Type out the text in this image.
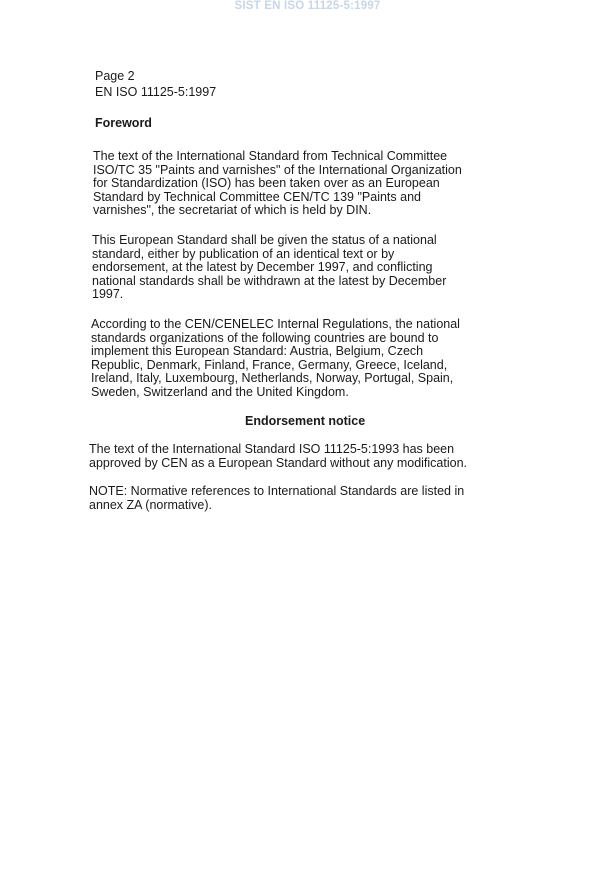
SIST EN ISO 11125-5:1997
Page 2
EN ISO 11125-5:1997
Foreword

The text of the International Standard from Technical Committee
ISO/TC 35 "Paints and varnishes" of the International Organization
for Standardization (ISO) has been taken over as an European
Standard by Technical Committee CEN/TC 139 "Paints and
varnishes", the secretariat of which is held by DIN.

This European Standard shall be given the status of a national
standard, either by publication of an identical text or by
endorsement, at the latest by December 1997, and conflicting
national standards shall be withdrawn at the latest by December
1997.

According to the CEN/CENELEC Internal Regulations, the national
standards organizations of the following countries are bound to
implement this European Standard: Austria, Belgium, Czech
Republic, Denmark, Finland, France, Germany, Greece, Iceland,
Ireland, Italy, Luxembourg, Netherlands, Norway, Portugal, Spain,
Sweden, Switzerland and the United Kingdom.

Endorsement notice

The text of the International Standard ISO 11125-5:1993 has been
approved by CEN as a European Standard without any modification.

NOTE: Normative references to International Standards are listed in
annex ZA (normative).
